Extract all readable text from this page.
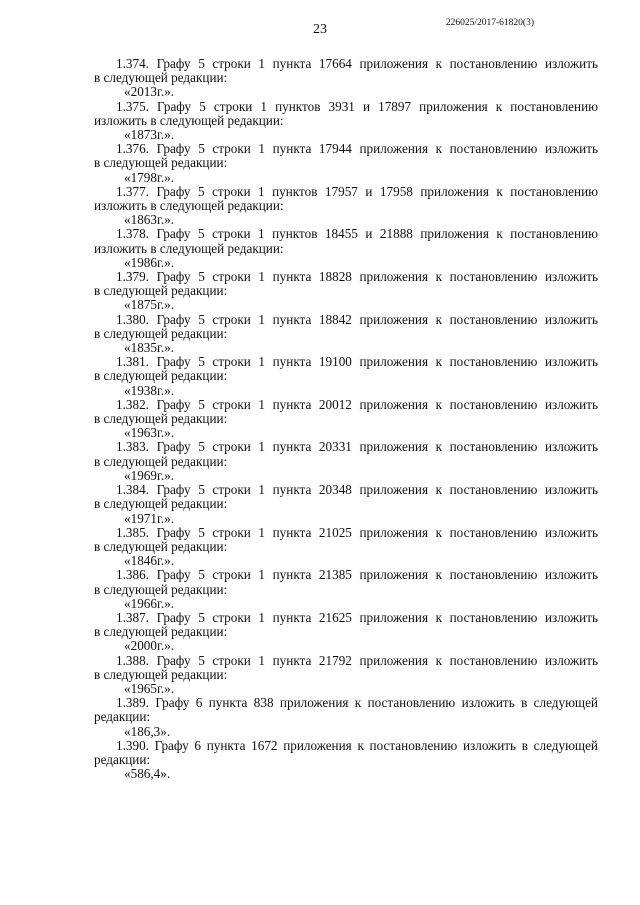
23	226025/2017-61820(3)

1.374. Графу 5 строки 1 пункта 17664 приложения к постановлению изложить
в следующей редакции:

«2013г.».

1.375. Графу 5 строки 1 пунктов 3931 и 17897 приложения к постановлению
изложить в следующей редакции:

«1873г.».

1.376. Графу 5 строки 1 пункта 17944 приложения к постановлению изложить
в следующей редакции:

«1798г.».

1.377. Графу 5 строки 1 пунктов 17957 и 17958 приложения к постановлению
изложить в следующей редакции:

«1863г.».

1.378. Графу 5 строки 1 пунктов 18455 и 21888 приложения к постановлению
изложить в следующей редакции:

«1986г.».

1.379. Графу 5 строки 1 пункта 18828 приложения к постановлению изложить
в следующей редакции:

«1875г.».

1.380. Графу 5 строки 1 пункта 18842 приложения к постановлению изложить
в следующей редакции:

«1835г.».

1.381. Графу 5 строки 1 пункта 19100 приложения к постановлению изложить
в следующей редакции:

«1938г.».

1.382. Графу 5 строки 1 пункта 20012 приложения к постановлению изложить
в следующей редакции:

«1963г.».

1.383. Графу 5 строки 1 пункта 20331 приложения к постановлению изложить
в следующей редакции:

«1969г.».

1.384. Графу 5 строки 1 пункта 20348 приложения к постановлению изложить
в следующей редакции:

«1971г.».

1.385. Графу 5 строки 1 пункта 21025 приложения к постановлению изложить
в следующей редакции:

«1846г.».

1.386. Графу 5 строки 1 пункта 21385 приложения к постановлению изложить
в следующей редакции:

«1966г.».

1.387. Графу 5 строки 1 пункта 21625 приложения к постановлению изложить
в следующей редакции:

«2000г.».

1.388. Графу 5 строки 1 пункта 21792 приложения к постановлению изложить
в следующей редакции:

«1965г.».

1.389. Графу 6 пункта 838 приложения к постановлению изложить в следующей
редакции:

«186,3».

1.390. Графу 6 пункта 1672 приложения к постановлению изложить в следующей
редакции:

«586,4».
